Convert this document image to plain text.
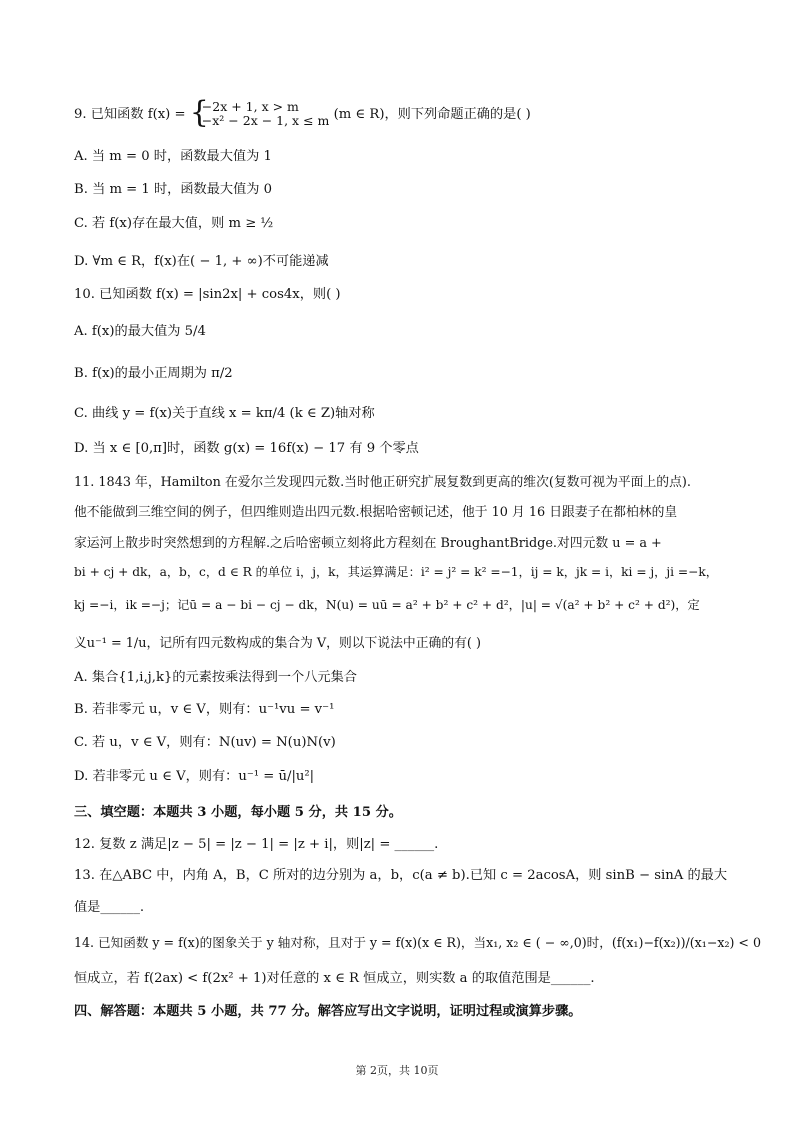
9. 已知函数 f(x) = {
−2x + 1, x > m
−x² − 2x − 1, x ≤ m (m ∈ R)，则下列命题正确的是( )
A. 当 m = 0 时，函数最大值为 1
B. 当 m = 1 时，函数最大值为 0
C. 若 f(x)存在最大值，则 m ≥ ½
D. ∀m ∈ R，f(x)在( − 1, + ∞)不可能递减
10. 已知函数 f(x) = |sin2x| + cos4x，则( )
A. f(x)的最大值为 5/4
B. f(x)的最小正周期为 π/2
C. 曲线 y = f(x)关于直线 x = kπ/4 (k ∈ Z)轴对称
D. 当 x ∈ [0,π]时，函数 g(x) = 16f(x) − 17 有 9 个零点
11. 1843 年，Hamilton 在爱尔兰发现四元数.当时他正研究扩展复数到更高的维次(复数可视为平面上的点).
他不能做到三维空间的例子，但四维则造出四元数.根据哈密顿记述，他于 10 月 16 日跟妻子在都柏林的皇
家运河上散步时突然想到的方程解.之后哈密顿立刻将此方程刻在 BroughantBridge.对四元数 u = a +
bi + cj + dk，a，b，c，d ∈ R 的单位 i，j，k，其运算满足：i² = j² = k² =−1，ij = k，jk = i，ki = j，ji =−k，
kj =−i，ik =−j；记ū = a − bi − cj − dk，N(u) = uū = a² + b² + c² + d²，|u| = √(a² + b² + c² + d²)，定
义u⁻¹ = 1/u，记所有四元数构成的集合为 V，则以下说法中正确的有( )
A. 集合{1,i,j,k}的元素按乘法得到一个八元集合
B. 若非零元 u，v ∈ V，则有：u⁻¹vu = v⁻¹
C. 若 u，v ∈ V，则有：N(uv) = N(u)N(v)
D. 若非零元 u ∈ V，则有：u⁻¹ = ū/|u²|
三、填空题：本题共 3 小题，每小题 5 分，共 15 分。
12. 复数 z 满足|z − 5| = |z − 1| = |z + i|，则|z| = ______.
13. 在△ABC 中，内角 A，B，C 所对的边分别为 a，b，c(a ≠ b).已知 c = 2acosA，则 sinB − sinA 的最大
值是______.
14. 已知函数 y = f(x)的图象关于 y 轴对称，且对于 y = f(x)(x ∈ R)，当x₁, x₂ ∈ ( − ∞,0)时，(f(x₁)−f(x₂))/(x₁−x₂) < 0
恒成立，若 f(2ax) < f(2x² + 1)对任意的 x ∈ R 恒成立，则实数 a 的取值范围是______.
四、解答题：本题共 5 小题，共 77 分。解答应写出文字说明，证明过程或演算步骤。
第 2页，共 10页
